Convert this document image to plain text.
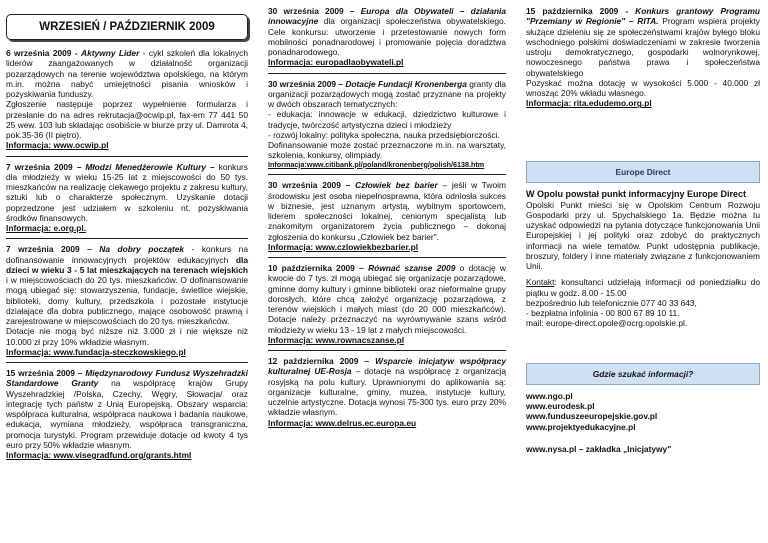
WRZESIEŃ / PAŹDZIERNIK 2009
6 września 2009 - Aktywny Lider - cykl szkoleń dla lokalnych liderów zaangażowanych w działalność organizacji pozarządowych na terenie województwa opolskiego, na którym m.in. można nabyć umiejętności pisania wniosków i pozyskiwania funduszy.
Zgłoszenie następuje poprzez wypełnienie formularza i przesłanie do na adres rekrutacja@ocwip.pl, fax-em 77 441 50 25 wew. 103 lub składając osobiście w biurze przy ul. Damrota 4, pok.35-36 (II piętro).
Informacja: www.ocwip.pl
7 września 2009 – Młodzi Menedżerowie Kultury – konkurs dla młodzieży w wieku 15-25 lat z miejscowości do 50 tys. mieszkańców na realizację ciekawego projektu z zakresu kultury, sztuki lub o charakterze społecznym. Uzyskanie dotacji poprzedzone jest udziałem w szkoleniu nt. pozyskiwania środków finansowych.
Informacja: e.org.pl.
7 września 2009 – Na dobry początek - konkurs na dofinansowanie innowacyjnych projektów edukacyjnych dla dzieci w wieku 3 - 5 lat mieszkających na terenach wiejskich i w miejscowościach do 20 tys. mieszkańców. O dofinansowanie mogą ubiegać się: stowarzyszenia, fundacje, świetlice wiejskie, biblioteki, domy kultury, przedszkola i pozostałe instytucje działające dla dobra publicznego, mające osobowość prawną i zarejestrowane w miejscowościach do 20 tys. mieszkańców.
Dotacje nie mogą być niższe niż 3.000 zł i nie większe niż 10.000 zł przy 10% wkładzie własnym.
Informacja: www.fundacja-steczkowskiego.pl
15 września 2009 – Międzynarodowy Fundusz Wyszehradzki Standardowe Granty na współpracę krajów Grupy Wyszehradzkiej /Polska, Czechy, Węgry, Słowacja/ oraz integrację tych państw z Unią Europejską. Obszary wsparcia: współpraca kulturalna, współpraca naukowa i badania naukowe, edukacja, wymiana młodzieży, współpraca transgraniczna, promocja turystyki. Program przewiduje dotacje od kwoty 4 tys euro przy 50% wkładzie własnym.
Informacja: www.visegradfund.org/grants.html
30 września 2009 – Europa dla Obywateli – działania innowacyjne dla organizacji społeczeństwa obywatelskiego. Cele konkursu: utworzenie i przetestowanie nowych form mobilności ponadnarodowej i promowanie pojęcia doradztwa ponadnarodowego.
Informacja: europadlaobywateli.pl
30 września 2009 – Dotacje Fundacji Kronenberga granty dla organizacji pozarządowych mogą zostać przyznane na projekty w dwóch obszarach tematycznych:
- edukacja: innowacje w edukacji, dziedzictwo kulturowe i tradycje, twórczość artystyczna dzieci i młodzieży
- rozwój lokalny: polityka społeczna, nauka przedsiębiorczości.
Dofinansowanie może zostać przeznaczone m.in. na warsztaty, szkolenia, konkursy, olimpiady.
Informacja:www.citibank.pl/poland/kronenberg/polish/6138.htm
30 września 2009 – Człowiek bez barier – jeśli w Twoim środowisku jest osoba niepełnosprawna, która odniosła sukces w biznesie, jest uznanym artystą, wybitnym sportowcem, liderem społeczności lokalnej, cenionym specjalistą lub znakomitym organizatorem życia publicznego – dokonaj zgłoszenia do konkursu „Człowiek bez barier".
Informacja: www.czlowiekbezbarier.pl
10 października 2009 – Równać szanse 2009 o dotację w kwocie do 7 tys. zł mogą ubiegać się organizacje pozarządowe, gminne domy kultury i gminne biblioteki oraz nieformalne grupy dorosłych, które chcą założyć organizację pozarządową, z terenów wiejskich i małych miast (do 20 000 mieszkańców). Dotacje należy przeznaczyć na wyrównywanie szans wśród młodzieży w wieku 13 - 19 lat z małych miejscowości.
Informacja: www.rownacszanse.pl
12 października 2009 – Wsparcie inicjatyw współpracy kulturalnej UE-Rosja – dotacje na współpracę z organizacją rosyjską na polu kultury. Uprawnionymi do aplikowania są: organizacje kulturalne, gminy, muzea, instytucje kultury, uczelnie artystyczne. Dotacja wynosi 75-300 tys. euro przy 20% wkładzie własnym.
Informacja: www.delrus.ec.europa.eu
15 października 2009 - Konkurs grantowy Programu "Przemiany w Regionie" – RITA. Program wspiera projekty służące dzieleniu się ze społeczeństwami krajów byłego bloku wschodniego polskimi doświadczeniami w zakresie tworzenia ustroju demokratycznego, gospodarki wolnorynkowej, nowoczesnego państwa prawa i społeczeństwa obywatelskiego
Pozyskać można dotację w wysokości 5.000 - 40.000 zł wnosząc 20% wkładu własnego.
Informacja: rita.edudemo.org.pl
Europe Direct
W Opolu powstał punkt informacyjny Europe Direct
Opolski Punkt mieści się w Opolskim Centrum Rozwoju Gospodarki przy ul. Spychalskiego 1a. Będzie można tu uzyskać odpowiedzi na pytania dotyczące funkcjonowania Unii Europejskiej i jej polityki oraz zdobyć do praktycznych informacji na wiele tematów. Punkt udostępnia publikacje, broszury, foldery i inne materiały związane z funkcjonowaniem Unii.
Kontakt: konsultanci udzielają informacji od poniedziałku do piątku w godz. 8.00 - 15.00
bezpośrednio lub telefonicznie 077 40 33 643,
- bezpłatna infolinia - 00 800 67 89 10 11.
mail: europe-direct.opole@ocrg.opolskie.pl.
Gdzie szukać informacji?
www.ngo.pl
www.eurodesk.pl
www.funduszeeuropejskie.gov.pl
www.projektyedukacyjne.pl
www.nysa.pl – zakładka „Inicjatywy"
